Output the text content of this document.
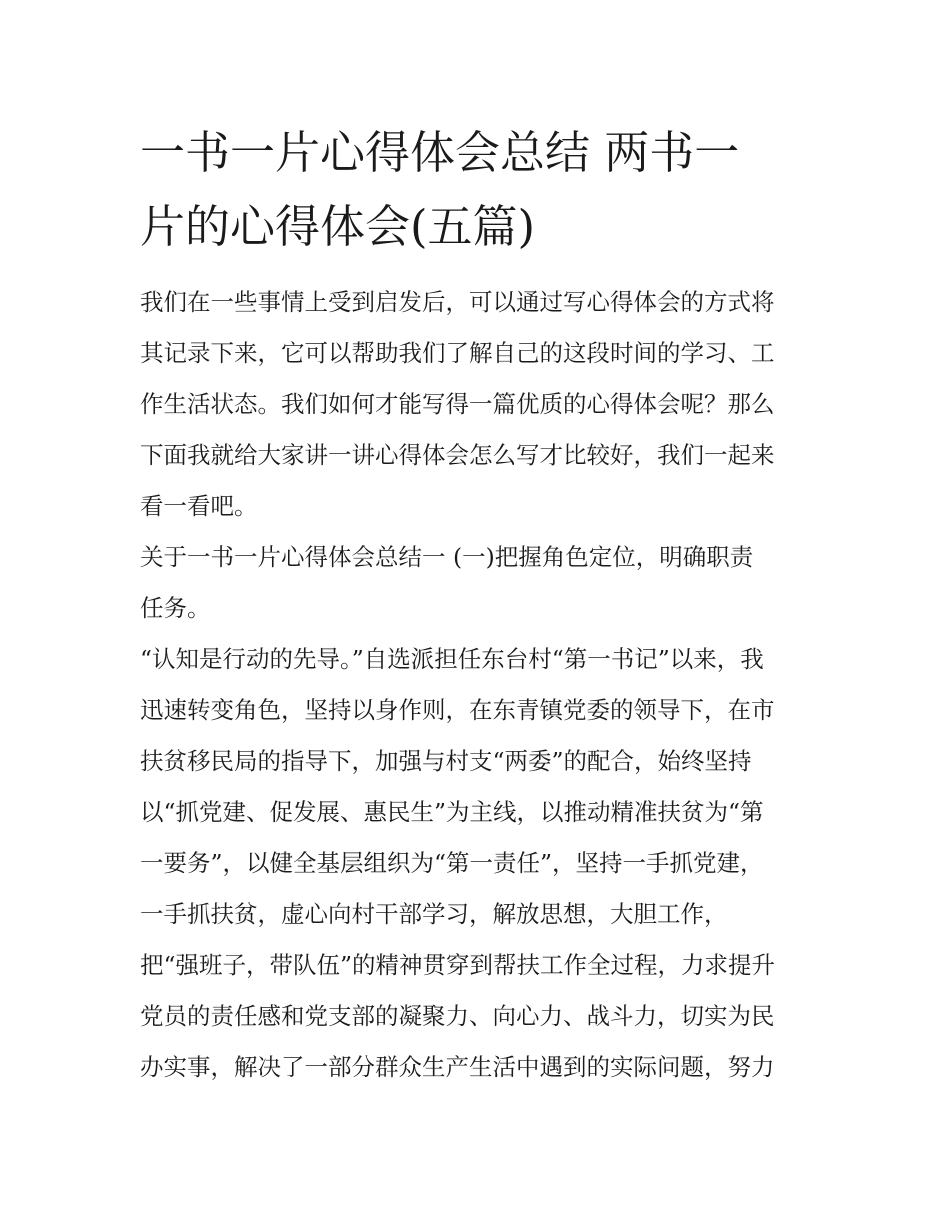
一书一片心得体会总结 两书一
片的心得体会(五篇)
我们在一些事情上受到启发后，可以通过写心得体会的方式将
其记录下来，它可以帮助我们了解自己的这段时间的学习、工
作生活状态。我们如何才能写得一篇优质的心得体会呢？那么
下面我就给大家讲一讲心得体会怎么写才比较好，我们一起来
看一看吧。
关于一书一片心得体会总结一 (一)把握角色定位，明确职责
任务。
“认知是行动的先导。”自选派担任东台村“第一书记”以来，我
迅速转变角色，坚持以身作则，在东青镇党委的领导下，在市
扶贫移民局的指导下，加强与村支“两委”的配合，始终坚持
以“抓党建、促发展、惠民生”为主线，以推动精准扶贫为“第
一要务”，以健全基层组织为“第一责任”，坚持一手抓党建，
一手抓扶贫，虚心向村干部学习，解放思想，大胆工作，
把“强班子，带队伍”的精神贯穿到帮扶工作全过程，力求提升
党员的责任感和党支部的凝聚力、向心力、战斗力，切实为民
办实事，解决了一部分群众生产生活中遇到的实际问题，努力
